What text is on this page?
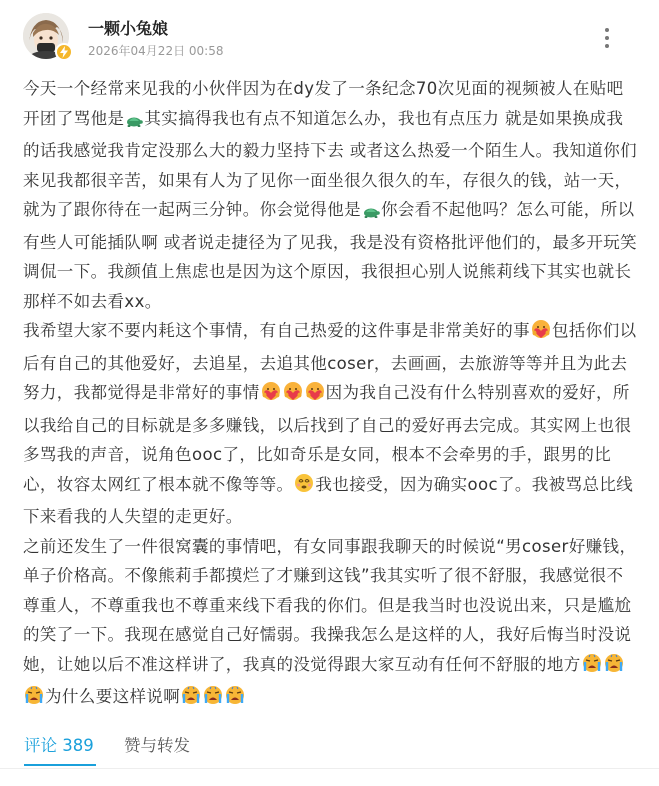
一颗小兔娘
2026年04月22日 00:58

今天一个经常来见我的小伙伴因为在dy发了一条纪念70次见面的视频被人在贴吧开团了骂他是 其实搞得我也有点不知道怎么办，我也有点压力 就是如果换成我的话我感觉我肯定没那么大的毅力坚持下去 或者这么热爱一个陌生人。我知道你们来见我都很辛苦，如果有人为了见你一面坐很久很久的车，存很久的钱，站一天，就为了跟你待在一起两三分钟。你会觉得他是 你会看不起他吗？怎么可能，所以有些人可能插队啊 或者说走捷径为了见我，我是没有资格批评他们的，最多开玩笑调侃一下。我颜值上焦虑也是因为这个原因，我很担心别人说熊莉线下其实也就长那样不如去看xx。

我希望大家不要内耗这个事情，有自己热爱的这件事是非常美好的事 包括你们以后有自己的其他爱好，去追星，去追其他coser，去画画，去旅游等等并且为此去努力，我都觉得是非常好的事情	因为我自己没有什么特别喜欢的爱好，所以我给自己的目标就是多多赚钱，以后找到了自己的爱好再去完成。其实网上也很多骂我的声音，说角色ooc了，比如奇乐是女同，根本不会牵男的手，跟男的比心，妆容太网红了根本就不像等等。 我也接受，因为确实ooc了。我被骂总比线下来看我的人失望的走更好。

之前还发生了一件很窝囊的事情吧，有女同事跟我聊天的时候说“男coser好赚钱，单子价格高。不像熊莉手都摸烂了才赚到这钱”我其实听了很不舒服，我感觉很不尊重人，不尊重我也不尊重来线下看我的你们。但是我当时也没说出来，只是尴尬的笑了一下。我现在感觉自己好懦弱。我操我怎么是这样的人，我好后悔当时没说她，让她以后不准这样讲了，我真的没觉得跟大家互动有任何不舒服的地方为什么要这样说啊

评论 389 赞与转发
